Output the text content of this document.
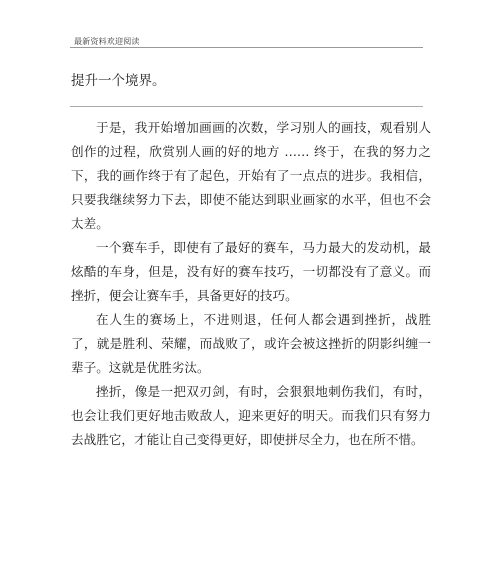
最新资料欢迎阅读
提升一个境界。

于是，我开始增加画画的次数，学习别人的画技，观看别人创作的过程，欣赏别人画的好的地方 …… 终于，在我的努力之下，我的画作终于有了起色，开始有了一点点的进步。我相信，只要我继续努力下去，即使不能达到职业画家的水平，但也不会太差。

一个赛车手，即使有了最好的赛车，马力最大的发动机，最炫酷的车身，但是，没有好的赛车技巧，一切都没有了意义。而挫折，便会让赛车手，具备更好的技巧。

在人生的赛场上，不进则退，任何人都会遇到挫折，战胜了，就是胜利、荣耀，而战败了，或许会被这挫折的阴影纠缠一辈子。这就是优胜劣汰。

挫折，像是一把双刃剑，有时，会狠狠地刺伤我们，有时，也会让我们更好地击败敌人，迎来更好的明天。而我们只有努力去战胜它，才能让自己变得更好，即使拼尽全力，也在所不惜。
